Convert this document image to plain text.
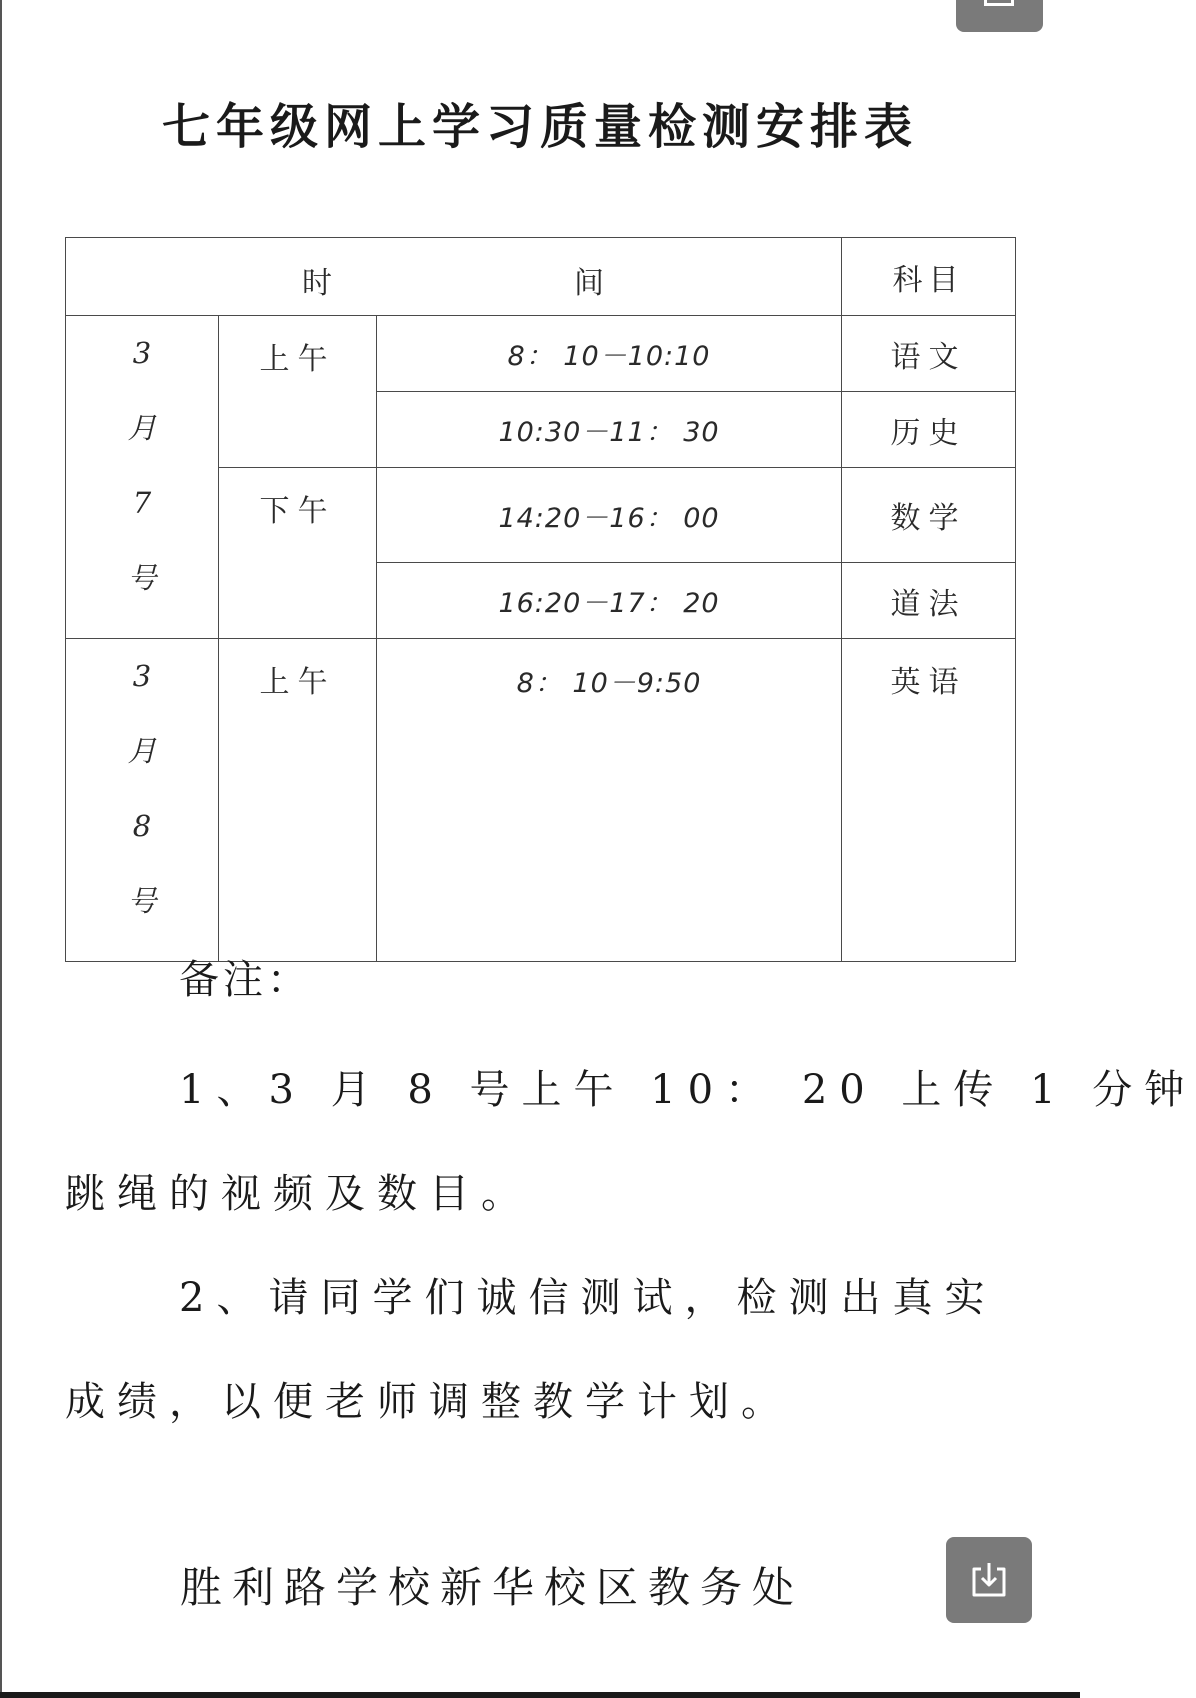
七年级网上学习质量检测安排表
时 间			科目

3
月
7
号	上午	8： 10－10:10	语文
		10:30－11： 30	历史
	下午	14:20－16： 00	数学
		16:20－17： 20	道法

3
月
8
号	上午	8： 10－9:50	英语
备注：
1、3 月 8 号上午 10： 20 上传 1 分钟
跳绳的视频及数目。
2、请同学们诚信测试，检测出真实
成绩，以便老师调整教学计划。
胜利路学校新华校区教务处
